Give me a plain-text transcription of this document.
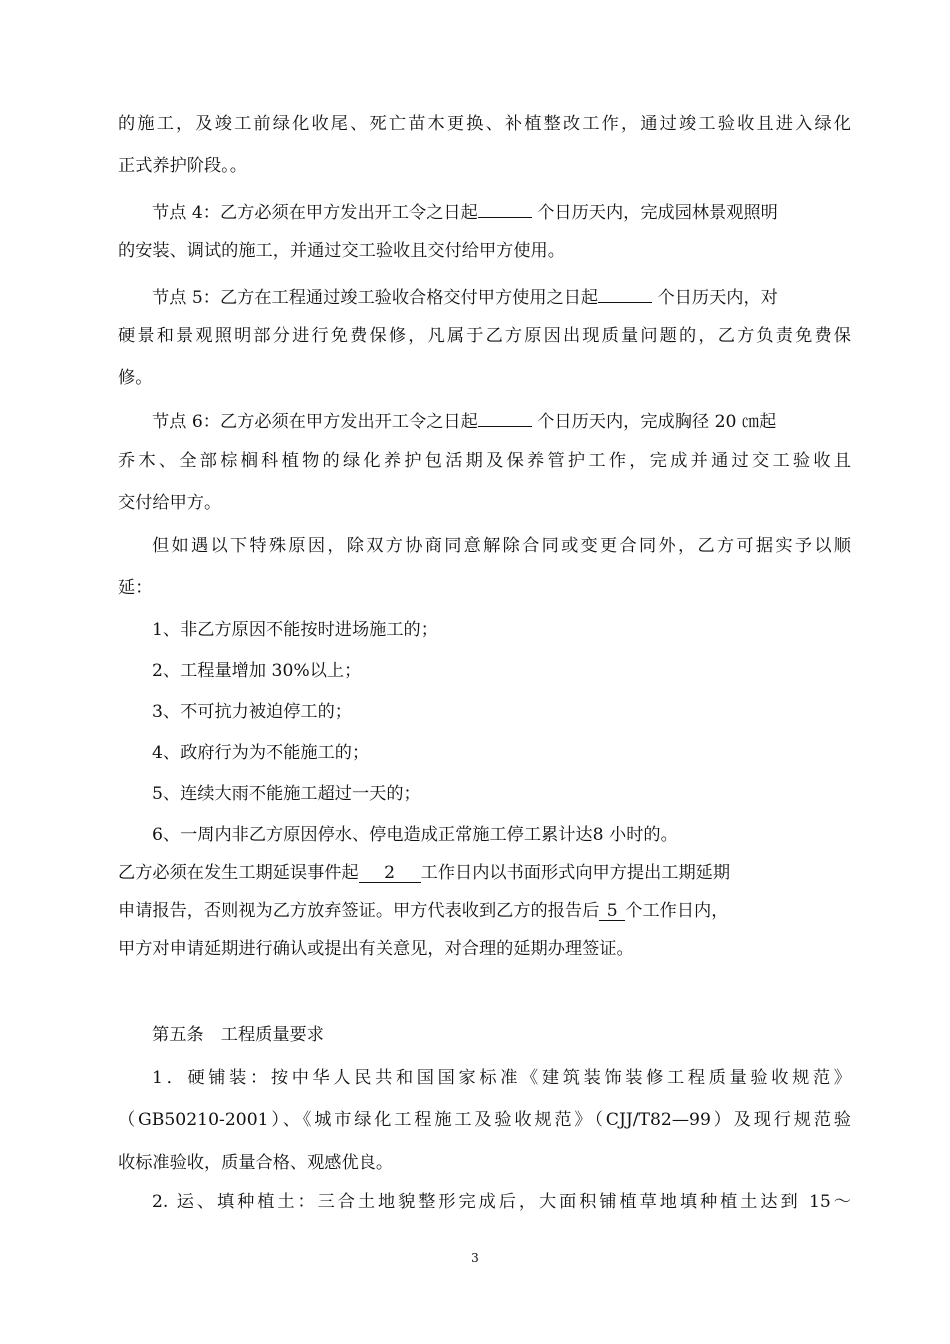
的施工，及竣工前绿化收尾、死亡苗木更换、补植整改工作，通过竣工验收且进入绿化
正式养护阶段。。
节点 4：乙方必须在甲方发出开工令之日起	个日历天内，完成园林景观照明
的安装、调试的施工，并通过交工验收且交付给甲方使用。
节点 5：乙方在工程通过竣工验收合格交付甲方使用之日起	个日历天内，对
硬景和景观照明部分进行免费保修，凡属于乙方原因出现质量问题的，乙方负责免费保
修。
节点 6：乙方必须在甲方发出开工令之日起	个日历天内，完成胸径 20 ㎝起
乔木、全部棕榈科植物的绿化养护包活期及保养管护工作，完成并通过交工验收且
交付给甲方。
但如遇以下特殊原因，除双方协商同意解除合同或变更合同外，乙方可据实予以顺
延：
1、非乙方原因不能按时进场施工的；
2、工程量增加 30%以上；
3、不可抗力被迫停工的；
4、政府行为为不能施工的；
5、连续大雨不能施工超过一天的；
6、一周内非乙方原因停水、停电造成正常施工停工累计达8 小时的。
乙方必须在发生工期延误事件起 2 工作日内以书面形式向甲方提出工期延期
申请报告，否则视为乙方放弃签证。甲方代表收到乙方的报告后 5 个工作日内，
甲方对申请延期进行确认或提出有关意见，对合理的延期办理签证。
第五条　工程质量要求
1．硬铺装：按中华人民共和国国家标准《建筑装饰装修工程质量验收规范》
（GB50210-2001）、《城市绿化工程施工及验收规范》（CJJ/T82—99）及现行规范验
收标准验收，质量合格、观感优良。
2. 运、填种植土：三合土地貌整形完成后，大面积铺植草地填种植土达到 15～
3
